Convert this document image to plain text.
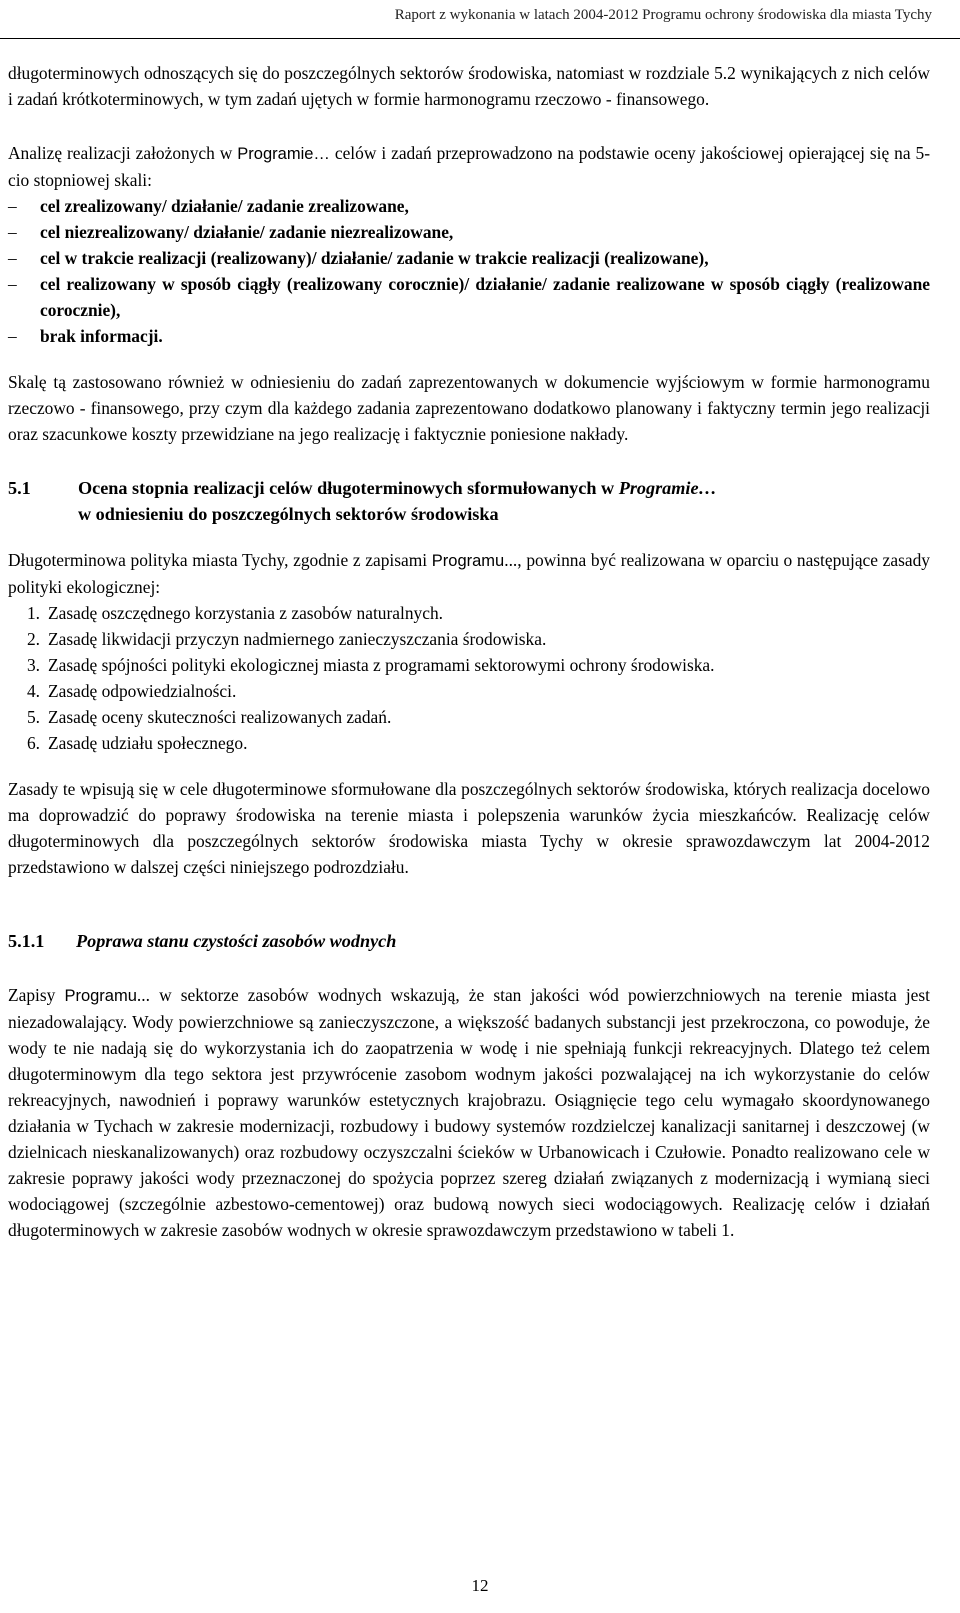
Raport z wykonania w latach 2004-2012 Programu ochrony środowiska dla miasta Tychy

długoterminowych odnoszących się do poszczególnych sektorów środowiska, natomiast w rozdziale 5.2 wynikających z nich celów i zadań krótkoterminowych, w tym zadań ujętych w formie harmonogramu rzeczowo - finansowego.

Analizę realizacji założonych w Programie… celów i zadań przeprowadzono na podstawie oceny jakościowej opierającej się na 5-cio stopniowej skali:

– cel zrealizowany/ działanie/ zadanie zrealizowane,
– cel niezrealizowany/ działanie/ zadanie niezrealizowane,
– cel w trakcie realizacji (realizowany)/ działanie/ zadanie w trakcie realizacji (realizowane),
– cel realizowany w sposób ciągły (realizowany corocznie)/ działanie/ zadanie realizowane w sposób ciągły (realizowane corocznie),
– brak informacji.

Skalę tą zastosowano również w odniesieniu do zadań zaprezentowanych w dokumencie wyjściowym w formie harmonogramu rzeczowo - finansowego, przy czym dla każdego zadania zaprezentowano dodatkowo planowany i faktyczny termin jego realizacji oraz szacunkowe koszty przewidziane na jego realizację i faktycznie poniesione nakłady.

5.1	Ocena stopnia realizacji celów długoterminowych sformułowanych w Programie…
w odniesieniu do poszczególnych sektorów środowiska

Długoterminowa polityka miasta Tychy, zgodnie z zapisami Programu..., powinna być realizowana w oparciu o następujące zasady polityki ekologicznej:

1. Zasadę oszczędnego korzystania z zasobów naturalnych.
2. Zasadę likwidacji przyczyn nadmiernego zanieczyszczania środowiska.
3. Zasadę spójności polityki ekologicznej miasta z programami sektorowymi ochrony środowiska.
4. Zasadę odpowiedzialności.
5. Zasadę oceny skuteczności realizowanych zadań.
6. Zasadę udziału społecznego.

Zasady te wpisują się w cele długoterminowe sformułowane dla poszczególnych sektorów środowiska, których realizacja docelowo ma doprowadzić do poprawy środowiska na terenie miasta i polepszenia warunków życia mieszkańców. Realizację celów długoterminowych dla poszczególnych sektorów środowiska miasta Tychy w okresie sprawozdawczym lat 2004-2012 przedstawiono w dalszej części niniejszego podrozdziału.

5.1.1	Poprawa stanu czystości zasobów wodnych

Zapisy Programu... w sektorze zasobów wodnych wskazują, że stan jakości wód powierzchniowych na terenie miasta jest niezadowalający. Wody powierzchniowe są zanieczyszczone, a większość badanych substancji jest przekroczona, co powoduje, że wody te nie nadają się do wykorzystania ich do zaopatrzenia w wodę i nie spełniają funkcji rekreacyjnych. Dlatego też celem długoterminowym dla tego sektora jest przywrócenie zasobom wodnym jakości pozwalającej na ich wykorzystanie do celów rekreacyjnych, nawodnień i poprawy warunków estetycznych krajobrazu. Osiągnięcie tego celu wymagało skoordynowanego działania w Tychach w zakresie modernizacji, rozbudowy i budowy systemów rozdzielczej kanalizacji sanitarnej i deszczowej (w dzielnicach nieskanalizowanych) oraz rozbudowy oczyszczalni ścieków w Urbanowicach i Czułowie. Ponadto realizowano cele w zakresie poprawy jakości wody przeznaczonej do spożycia poprzez szereg działań związanych z modernizacją i wymianą sieci wodociągowej (szczególnie azbestowo-cementowej) oraz budową nowych sieci wodociągowych. Realizację celów i działań długoterminowych w zakresie zasobów wodnych w okresie sprawozdawczym przedstawiono w tabeli 1.

12
